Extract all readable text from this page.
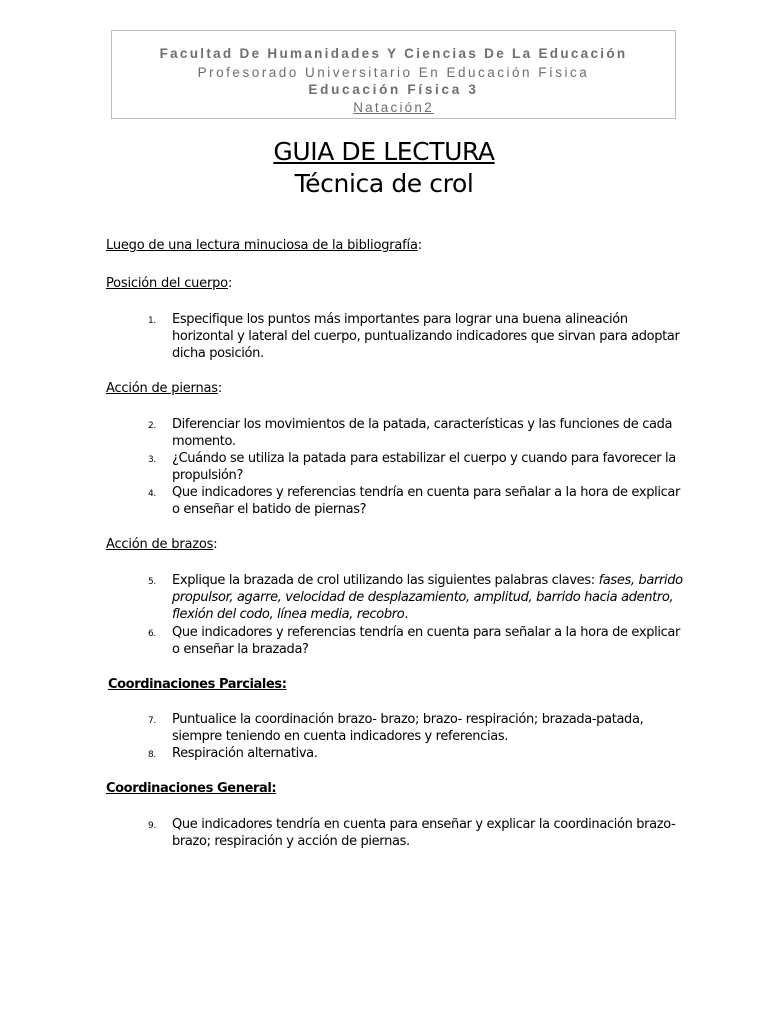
Facultad De Humanidades Y Ciencias De La Educación
Profesorado Universitario En Educación Física
Educación Física 3
Natación2
GUIA DE LECTURA
Técnica de crol
Luego de una lectura minuciosa de la bibliografía:
Posición del cuerpo:
1. Especifique los puntos más importantes para lograr una buena alineación
horizontal y lateral del cuerpo, puntualizando indicadores que sirvan para adoptar
dicha posición.
Acción de piernas:
2. Diferenciar los movimientos de la patada, características y las funciones de cada
momento.
3. ¿Cuándo se utiliza la patada para estabilizar el cuerpo y cuando para favorecer la
propulsión?
4. Que indicadores y referencias tendría en cuenta para señalar a la hora de explicar
o enseñar el batido de piernas?
Acción de brazos:
5. Explique la brazada de crol utilizando las siguientes palabras claves: fases, barrido
propulsor, agarre, velocidad de desplazamiento, amplitud, barrido hacia adentro,
flexión del codo, línea media, recobro.
6. Que indicadores y referencias tendría en cuenta para señalar a la hora de explicar
o enseñar la brazada?
Coordinaciones Parciales:
7. Puntualice la coordinación brazo- brazo; brazo- respiración; brazada-patada,
siempre teniendo en cuenta indicadores y referencias.
8. Respiración alternativa.
Coordinaciones General:
9. Que indicadores tendría en cuenta para enseñar y explicar la coordinación brazo-
brazo; respiración y acción de piernas.
